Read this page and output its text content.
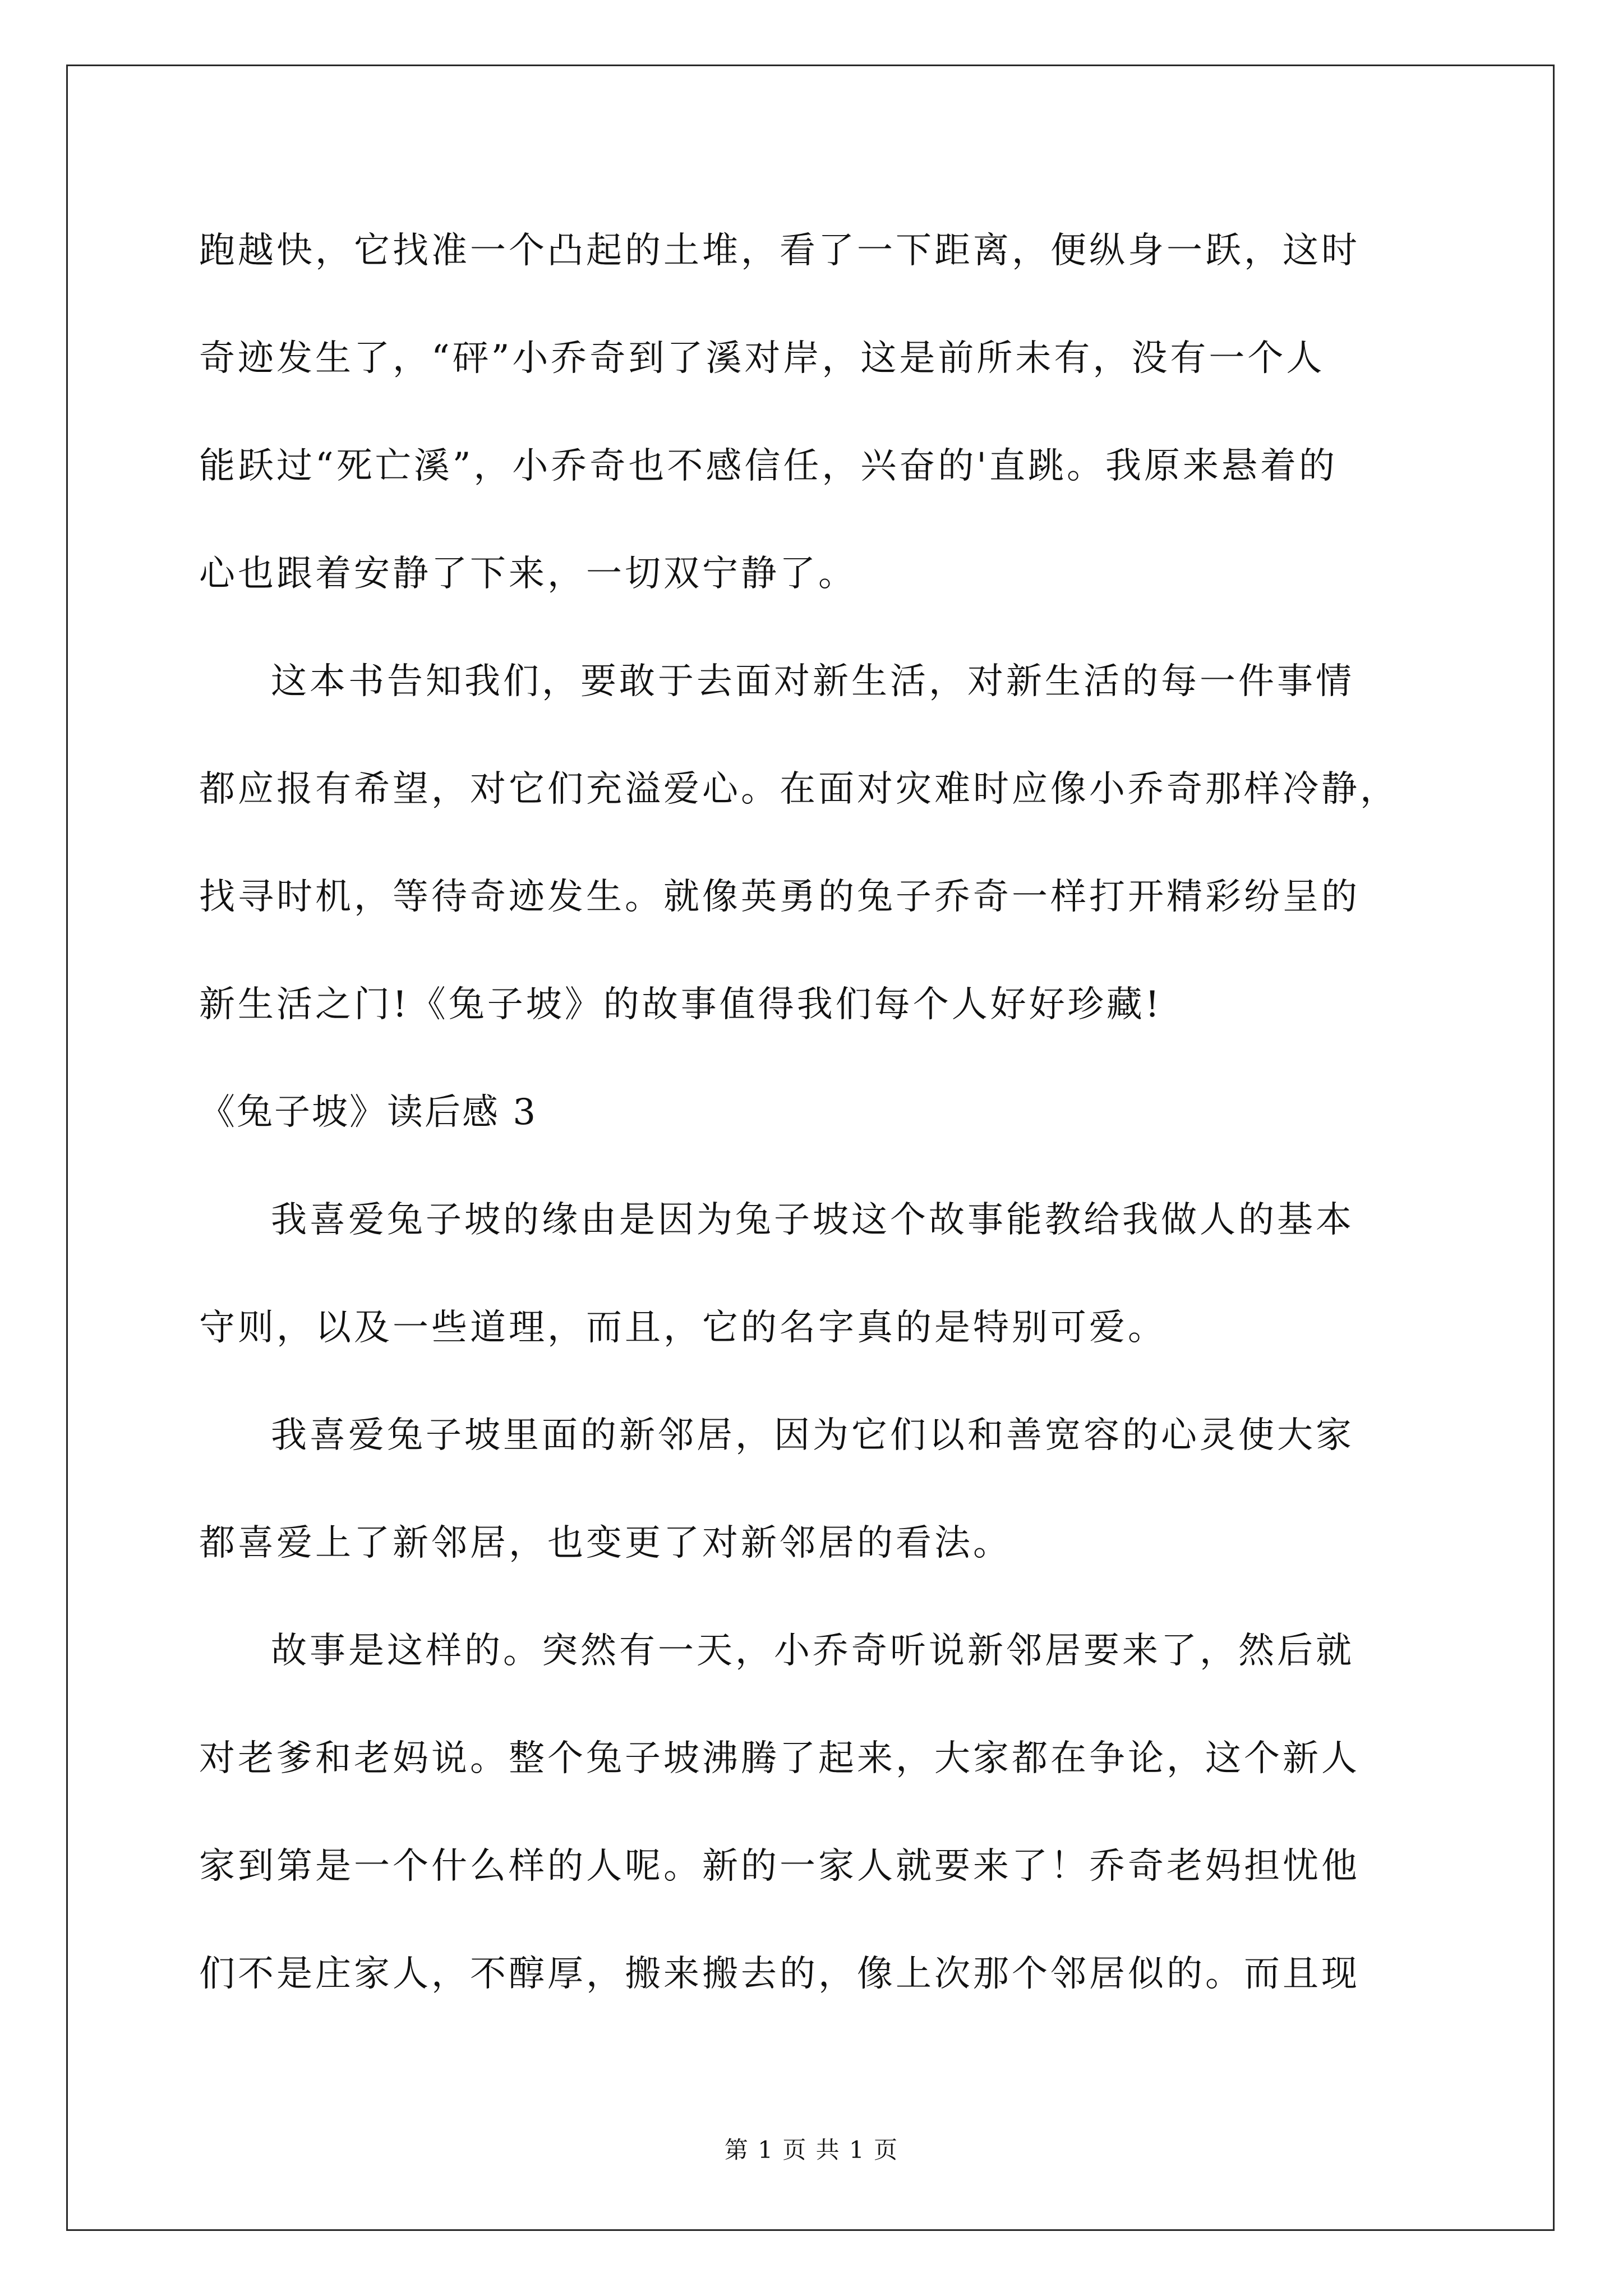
跑越快，它找准一个凸起的土堆，看了一下距离，便纵身一跃，这时
奇迹发生了，“砰”小乔奇到了溪对岸，这是前所未有，没有一个人
能跃过“死亡溪”，小乔奇也不感信任，兴奋的'直跳。我原来悬着的
心也跟着安静了下来，一切双宁静了。
这本书告知我们，要敢于去面对新生活，对新生活的每一件事情
都应报有希望，对它们充溢爱心。在面对灾难时应像小乔奇那样冷静，
找寻时机，等待奇迹发生。就像英勇的兔子乔奇一样打开精彩纷呈的
新生活之门!《兔子坡》的故事值得我们每个人好好珍藏!
《兔子坡》读后感 3
我喜爱兔子坡的缘由是因为兔子坡这个故事能教给我做人的基本
守则，以及一些道理，而且，它的名字真的是特别可爱。
我喜爱兔子坡里面的新邻居，因为它们以和善宽容的心灵使大家
都喜爱上了新邻居，也变更了对新邻居的看法。
故事是这样的。突然有一天，小乔奇听说新邻居要来了，然后就
对老爹和老妈说。整个兔子坡沸腾了起来，大家都在争论，这个新人
家到第是一个什么样的人呢。新的一家人就要来了！乔奇老妈担忧他
们不是庄家人，不醇厚，搬来搬去的，像上次那个邻居似的。而且现
第 1 页 共 1 页
